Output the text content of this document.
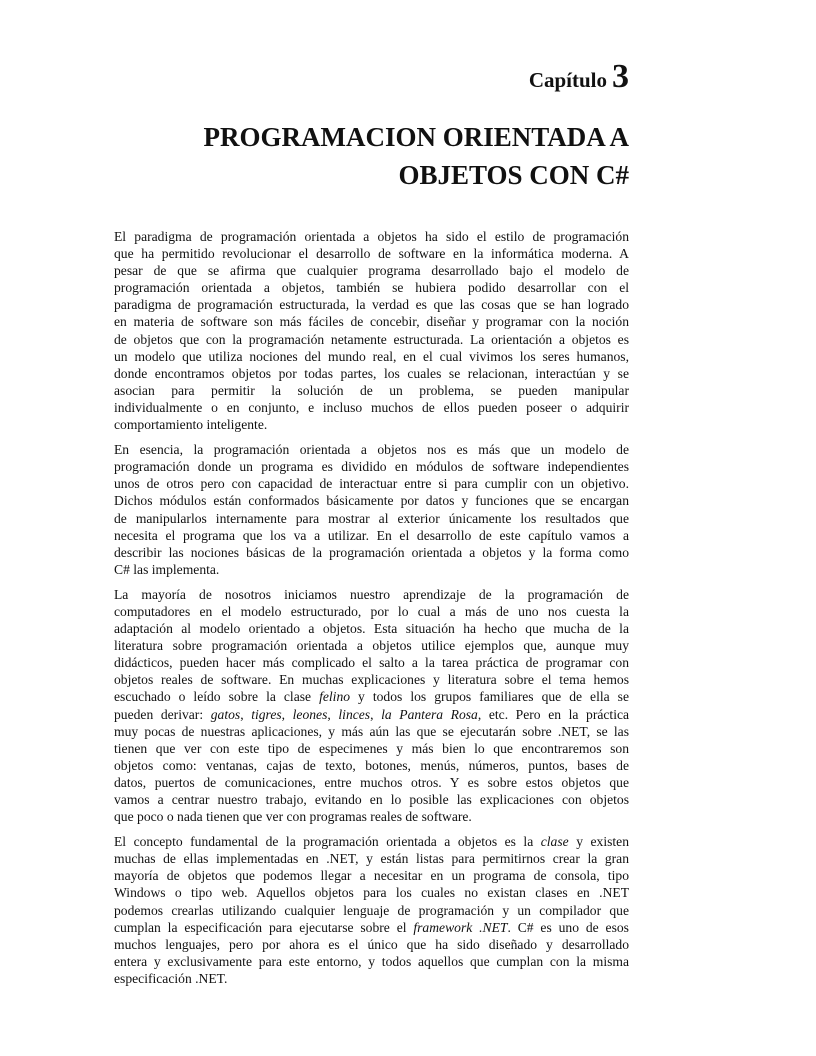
Capítulo 3
PROGRAMACION ORIENTADA A
OBJETOS CON C#

El paradigma de programación orientada a objetos ha sido el estilo de programación
que ha permitido revolucionar el desarrollo de software en la informática moderna. A
pesar de que se afirma que cualquier programa desarrollado bajo el modelo de
programación orientada a objetos, también se hubiera podido desarrollar con el
paradigma de programación estructurada, la verdad es que las cosas que se han logrado
en materia de software son más fáciles de concebir, diseñar y programar con la noción
de objetos que con la programación netamente estructurada. La orientación a objetos es
un modelo que utiliza nociones del mundo real, en el cual vivimos los seres humanos,
donde encontramos objetos por todas partes, los cuales se relacionan, interactúan y se
asocian para permitir la solución de un problema, se pueden manipular
individualmente o en conjunto, e incluso muchos de ellos pueden poseer o adquirir
comportamiento inteligente.

En esencia, la programación orientada a objetos nos es más que un modelo de
programación donde un programa es dividido en módulos de software independientes
unos de otros pero con capacidad de interactuar entre si para cumplir con un objetivo.
Dichos módulos están conformados básicamente por datos y funciones que se encargan
de manipularlos internamente para mostrar al exterior únicamente los resultados que
necesita el programa que los va a utilizar. En el desarrollo de este capítulo vamos a
describir las nociones básicas de la programación orientada a objetos y la forma como
C# las implementa.

La mayoría de nosotros iniciamos nuestro aprendizaje de la programación de
computadores en el modelo estructurado, por lo cual a más de uno nos cuesta la
adaptación al modelo orientado a objetos. Esta situación ha hecho que mucha de la
literatura sobre programación orientada a objetos utilice ejemplos que, aunque muy
didácticos, pueden hacer más complicado el salto a la tarea práctica de programar con
objetos reales de software. En muchas explicaciones y literatura sobre el tema hemos
escuchado o leído sobre la clase felino y todos los grupos familiares que de ella se
pueden derivar: gatos, tigres, leones, linces, la Pantera Rosa, etc. Pero en la práctica
muy pocas de nuestras aplicaciones, y más aún las que se ejecutarán sobre .NET, se las
tienen que ver con este tipo de especimenes y más bien lo que encontraremos son
objetos como: ventanas, cajas de texto, botones, menús, números, puntos, bases de
datos, puertos de comunicaciones, entre muchos otros. Y es sobre estos objetos que
vamos a centrar nuestro trabajo, evitando en lo posible las explicaciones con objetos
que poco o nada tienen que ver con programas reales de software.

El concepto fundamental de la programación orientada a objetos es la clase y existen
muchas de ellas implementadas en .NET, y están listas para permitirnos crear la gran
mayoría de objetos que podemos llegar a necesitar en un programa de consola, tipo
Windows o tipo web. Aquellos objetos para los cuales no existan clases en .NET
podemos crearlas utilizando cualquier lenguaje de programación y un compilador que
cumplan la especificación para ejecutarse sobre el framework .NET. C# es uno de esos
muchos lenguajes, pero por ahora es el único que ha sido diseñado y desarrollado
entera y exclusivamente para este entorno, y todos aquellos que cumplan con la misma
especificación .NET.
